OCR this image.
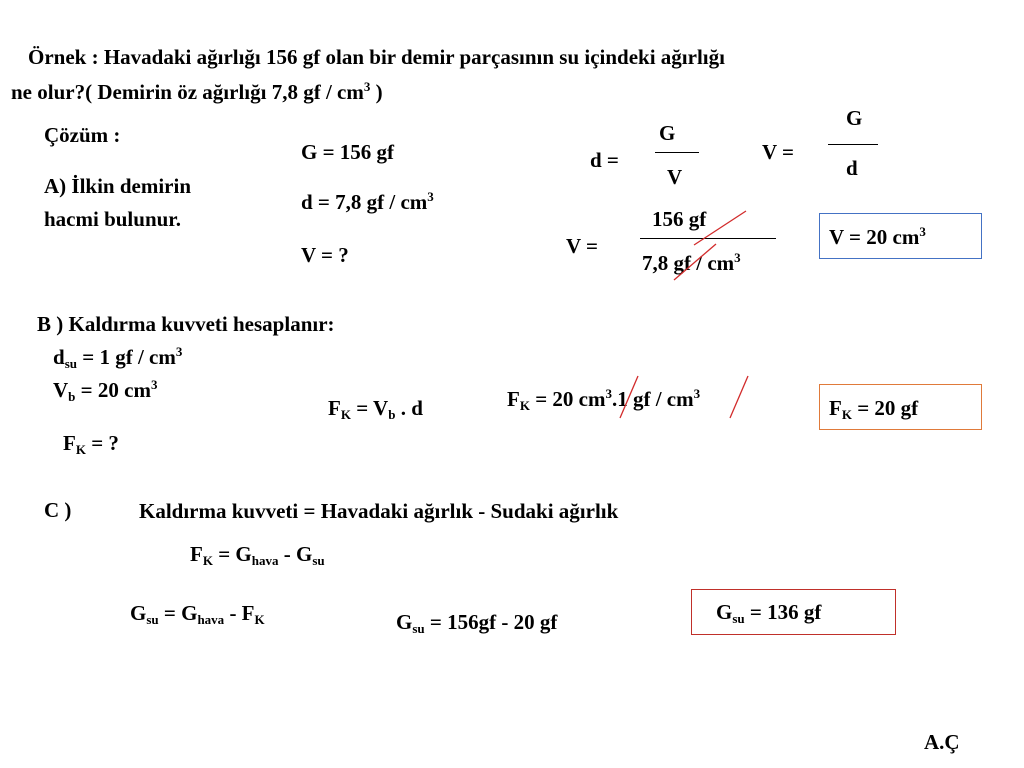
Örnek : Havadaki ağırlığı 156 gf olan bir demir parçasının su içindeki ağırlığı
ne olur?( Demirin öz ağırlığı 7,8 gf / $cm^3$ )
Çözüm :
A) İlkin demirin
hacmi bulunur.
G = 156 gf
d = 7,8 gf / $cm^3$
V = ?
d =
G
V
V =
G
d
V =
156 gf
7,8 gf / $cm^3$
V = 20 $cm^3$
B ) Kaldırma kuvveti hesaplanır:
$d_{su} = 1$ gf / $cm^3$
$V_b = 20$ $cm^3$
$F_K$ = ?
$F_K = V_b$ . d	$F_K = 20$ $cm^3.1$ gf / $cm^3$
$F_K = 20$ gf
C )	Kaldırma kuvveti = Havadaki ağırlık - Sudaki ağırlık
$F_K = G_{hava} - G_{su}$
$G_{su} = G_{hava} - F_K$	$G_{su} = 156gf - 20$ gf	$G_{su} = 136$ gf
A.Ç
